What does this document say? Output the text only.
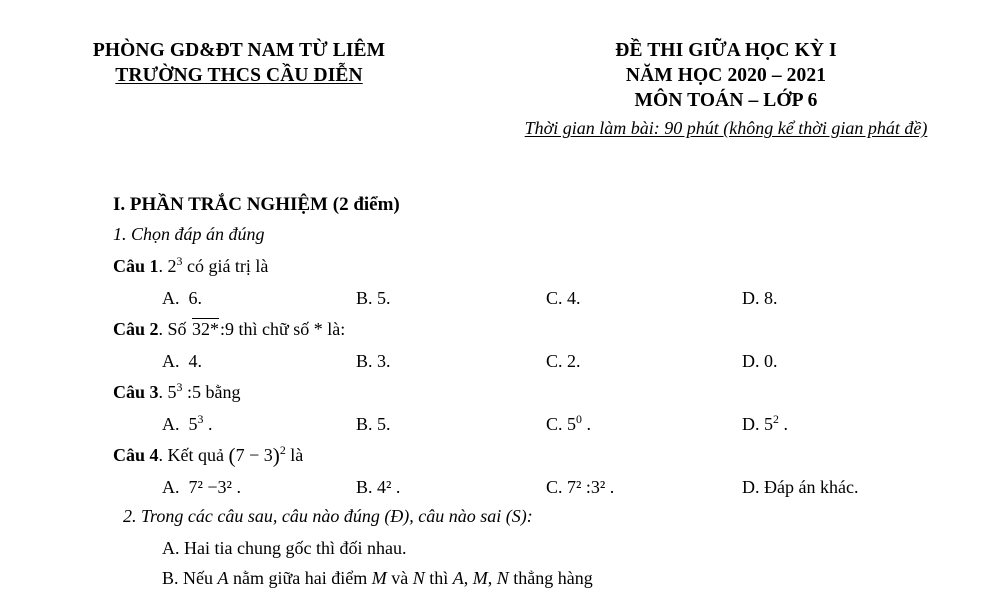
PHÒNG GD&ĐT NAM TỪ LIÊM
TRƯỜNG THCS CẦU DIỄN
ĐỀ THI GIỮA HỌC KỲ I
NĂM HỌC 2020 – 2021
MÔN TOÁN – LỚP 6
Thời gian làm bài: 90 phút (không kể thời gian phát đề)
I. PHẦN TRẮC NGHIỆM (2 điểm)
1. Chọn đáp án đúng
Câu 1. $2^3$ có giá trị là
A. 6.	B. 5.	C. 4.	D. 8.
Câu 2. Số 32*:9 thì chữ số * là:
A. 4.	B. 3.	C. 2.	D. 0.
Câu 3. $5^3$ :5 bằng
A. $5^3$ .	B. 5.	C. $5^0$ .	D. $5^2$ .
Câu 4. Kết quả $(7 - 3)^2$ là
A. 7² −3² .	B. 4² .	C. 7² :3² .	D. Đáp án khác.
2. Trong các câu sau, câu nào đúng (Đ), câu nào sai (S):
A. Hai tia chung gốc thì đối nhau.
B. Nếu A nằm giữa hai điểm M và N thì A, M, N thẳng hàng
